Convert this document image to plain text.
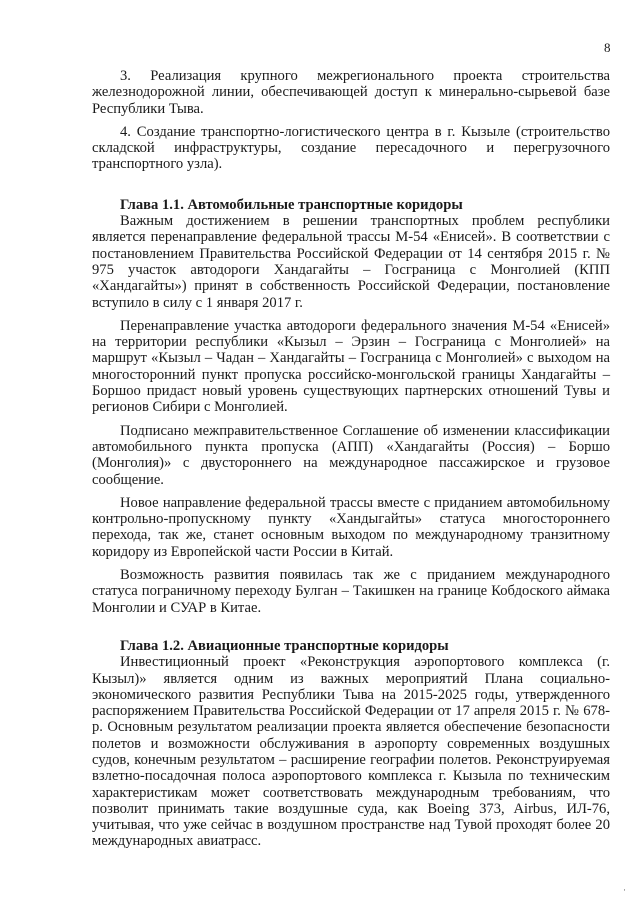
8

3. Реализация крупного межрегионального проекта строительства железнодорожной линии, обеспечивающей доступ к минерально-сырьевой базе Республики Тыва.

4. Создание транспортно-логистического центра в г. Кызыле (строительство складской инфраструктуры, создание пересадочного и перегрузочного транспортного узла).

Глава 1.1. Автомобильные транспортные коридоры

Важным достижением в решении транспортных проблем республики является перенаправление федеральной трассы М-54 «Енисей». В соответствии с постановлением Правительства Российской Федерации от 14 сентября 2015 г. № 975 участок автодороги Хандагайты – Госграница с Монголией (КПП «Хандагайты») принят в собственность Российской Федерации, постановление вступило в силу с 1 января 2017 г.

Перенаправление участка автодороги федерального значения М-54 «Енисей» на территории республики «Кызыл – Эрзин – Госграница с Монголией» на маршрут «Кызыл – Чадан – Хандагайты – Госграница с Монголией» с выходом на многосторонний пункт пропуска российско-монгольской границы Хандагайты – Боршоо придаст новый уровень существующих партнерских отношений Тувы и регионов Сибири с Монголией.

Подписано межправительственное Соглашение об изменении классификации автомобильного пункта пропуска (АПП) «Хандагайты (Россия) – Боршо (Монголия)» с двустороннего на международное пассажирское и грузовое сообщение.

Новое направление федеральной трассы вместе с приданием автомобильному контрольно-пропускному пункту «Хандыгайты» статуса многостороннего перехода, так же, станет основным выходом по международному транзитному коридору из Европейской части России в Китай.

Возможность развития появилась так же с приданием международного статуса пограничному переходу Булган – Такишкен на границе Кобдоского аймака Монголии и СУАР в Китае.

Глава 1.2. Авиационные транспортные коридоры

Инвестиционный проект «Реконструкция аэропортового комплекса (г. Кызыл)» является одним из важных мероприятий Плана социально-экономического развития Республики Тыва на 2015-2025 годы, утвержденного распоряжением Правительства Российской Федерации от 17 апреля 2015 г. № 678-р. Основным результатом реализации проекта является обеспечение безопасности полетов и возможности обслуживания в аэропорту современных воздушных судов, конечным результатом – расширение географии полетов. Реконструируемая взлетно-посадочная полоса аэропортового комплекса г. Кызыла по техническим характеристикам может соответствовать международным требованиям, что позволит принимать такие воздушные суда, как Boeing 373, Airbus, ИЛ-76, учитывая, что уже сейчас в воздушном пространстве над Тувой проходят более 20 международных авиатрасс.

·
